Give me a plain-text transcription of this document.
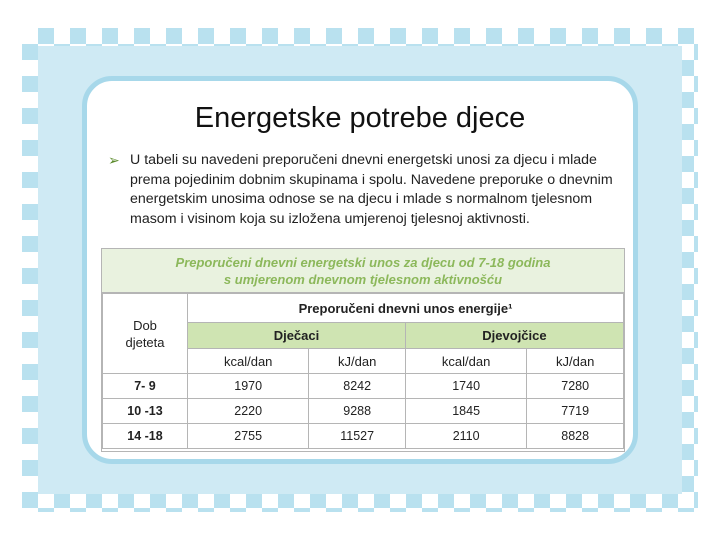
Energetske potrebe djece
➢ U tabeli su navedeni preporučeni dnevni energetski unosi za djecu i mlade prema pojedinim dobnim skupinama i spolu. Navedene preporuke o dnevnim energetskim unosima odnose se na djecu i mlade s normalnom tjelesnom masom i visinom koja su izložena umjerenoj tjelesnoj aktivnosti.
Preporučeni dnevni energetski unos za djecu od 7-18 godina
s umjerenom dnevnom tjelesnom aktivnošću
Dob
djeteta	Preporučeni dnevni unos energije¹			
	Dječaci		Djevojčice	
	kcal/dan	kJ/dan	kcal/dan	kJ/dan
7- 9	1970	8242	1740	7280
10 -13	2220	9288	1845	7719
14 -18	2755	11527	2110	8828
